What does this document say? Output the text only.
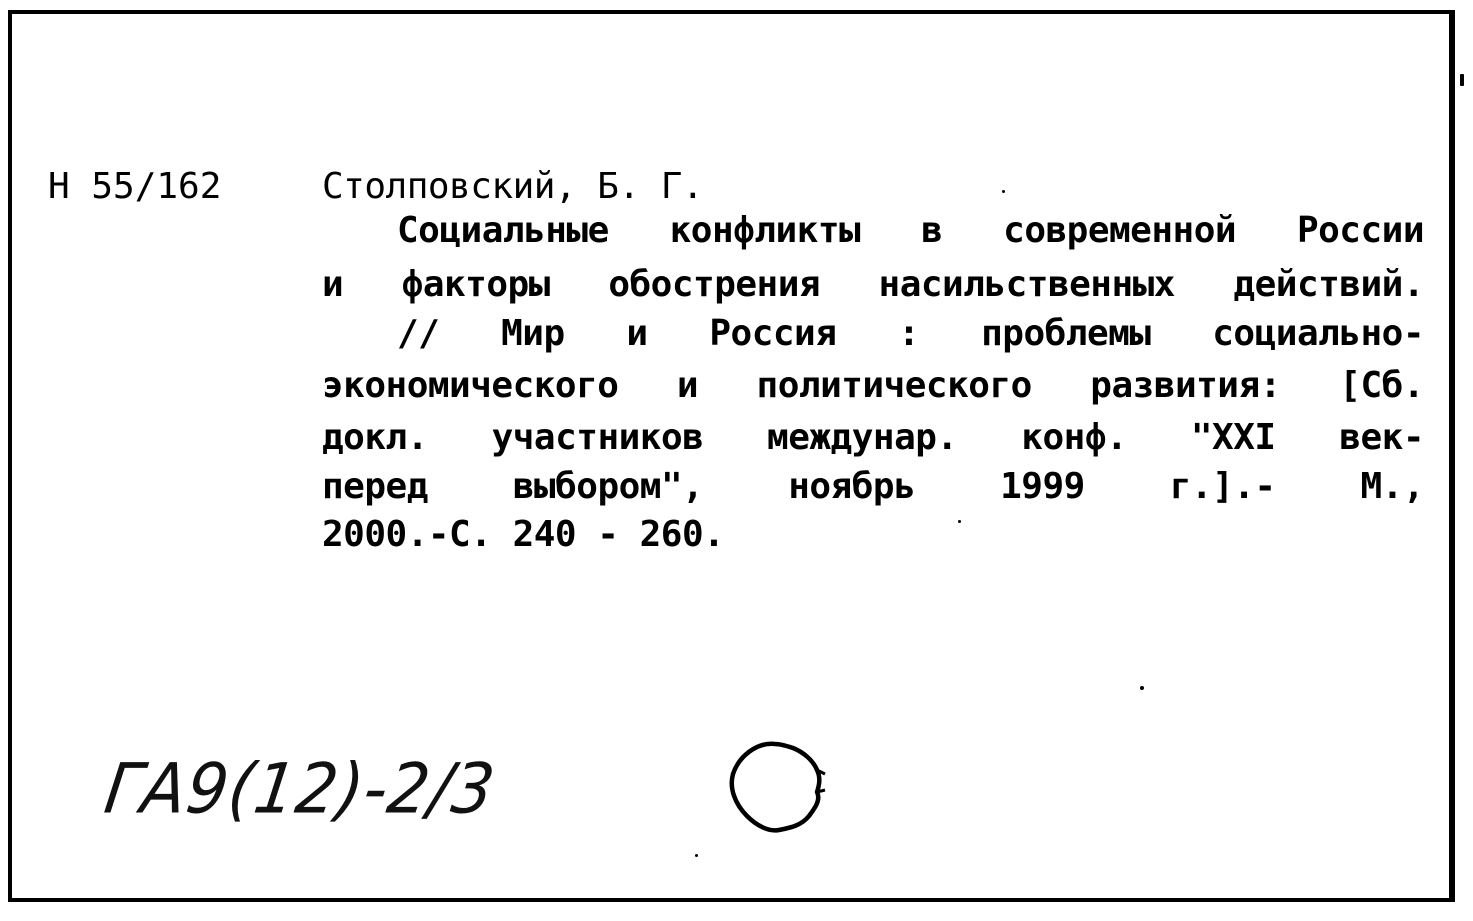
Н 55/162	Столповский, Б. Г.
Социальные конфликты в современной России
и факторы обострения насильственных действий.
// Мир и Россия : проблемы социально-
экономического и политического развития: [Сб.
докл. участников междунар. конф. "XXI век-
перед выбором", ноябрь 1999 г.].- М.,
2000.-С. 240 - 260.
ГА9(12)-2/3
